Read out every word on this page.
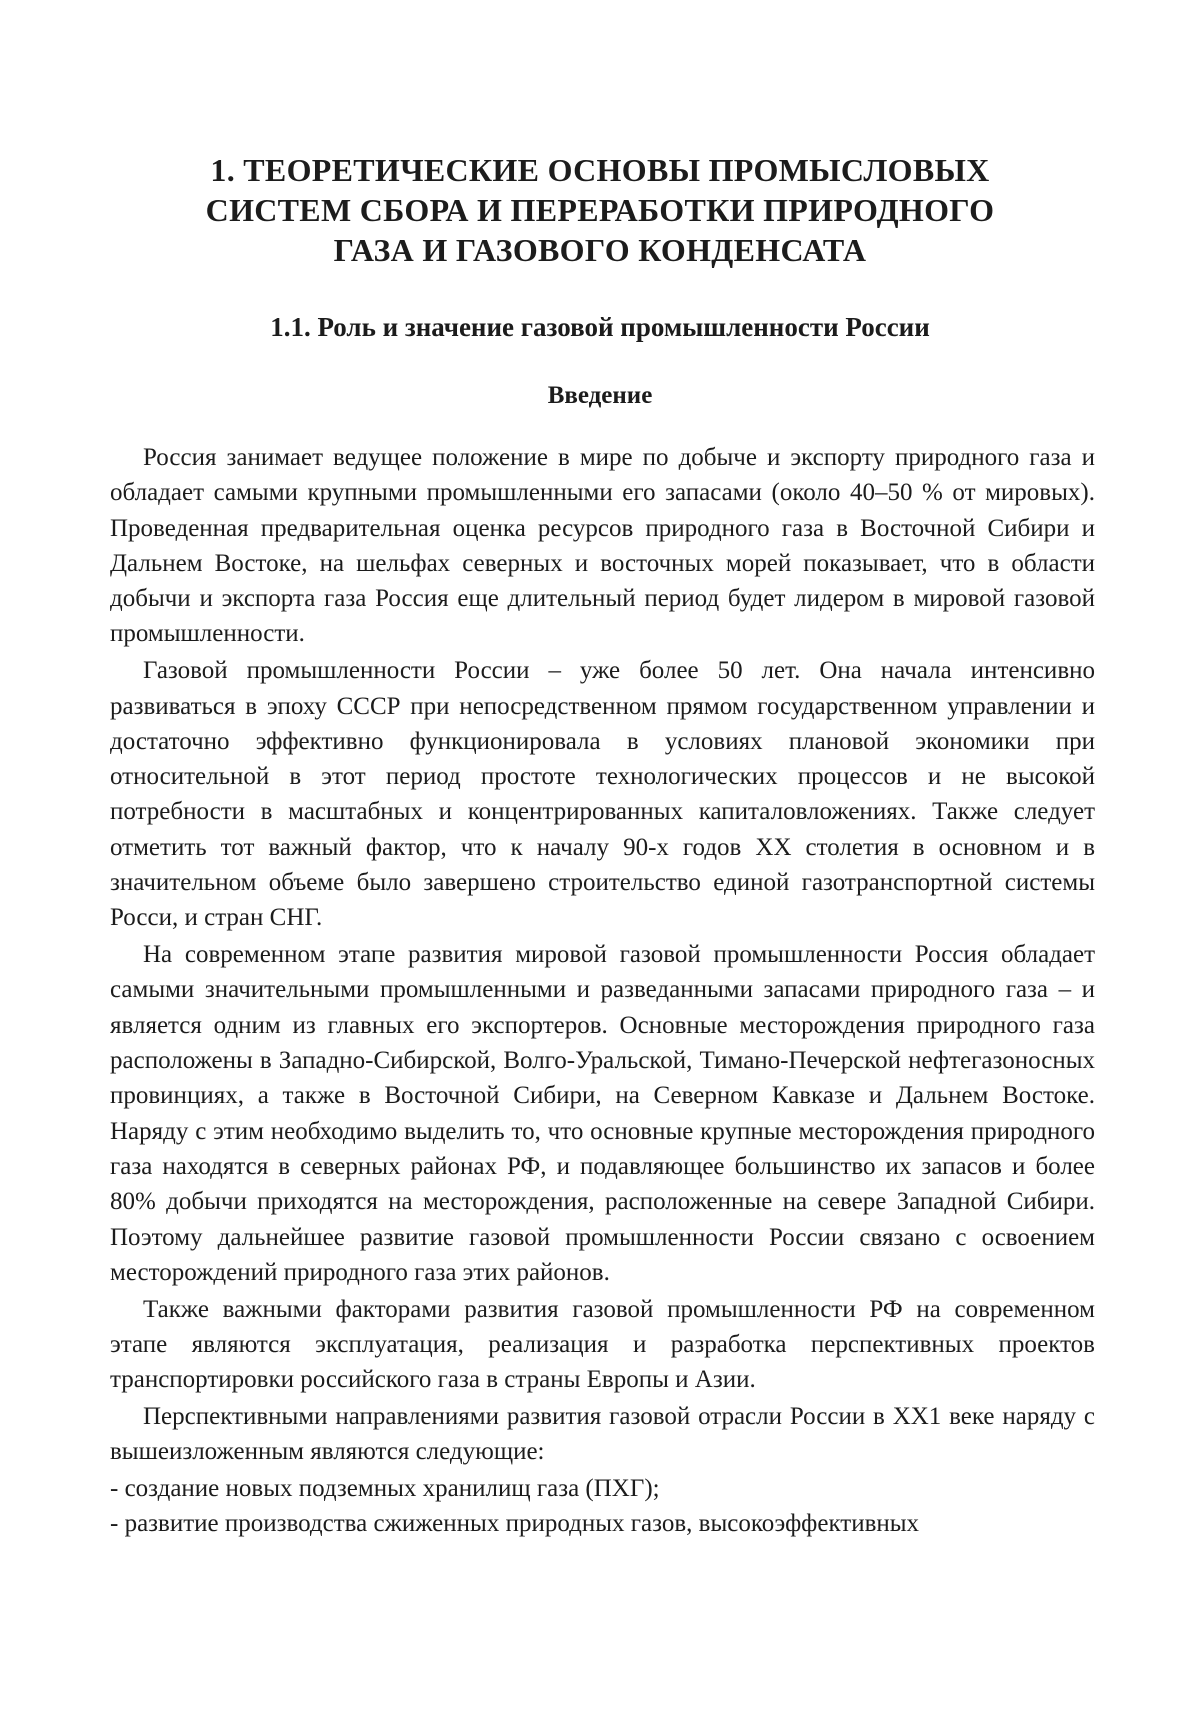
1. ТЕОРЕТИЧЕСКИЕ ОСНОВЫ ПРОМЫСЛОВЫХ
СИСТЕМ СБОРА И ПЕРЕРАБОТКИ ПРИРОДНОГО
ГАЗА И ГАЗОВОГО КОНДЕНСАТА
1.1. Роль и значение газовой промышленности России
Введение

Россия занимает ведущее положение в мире по добыче и экспорту природного газа и обладает самыми крупными промышленными его запасами (около 40–50 % от мировых). Проведенная предварительная оценка ресурсов природного газа в Восточной Сибири и Дальнем Востоке, на шельфах северных и восточных морей показывает, что в области добычи и экспорта газа Россия еще длительный период будет лидером в мировой газовой промышленности.

Газовой промышленности России – уже более 50 лет. Она начала интенсивно развиваться в эпоху СССР при непосредственном прямом государственном управлении и достаточно эффективно функционировала в условиях плановой экономики при относительной в этот период простоте технологических процессов и не высокой потребности в масштабных и концентрированных капиталовложениях. Также следует отметить тот важный фактор, что к началу 90-х годов XX столетия в основном и в значительном объеме было завершено строительство единой газотранспортной системы Росси, и стран СНГ.

На современном этапе развития мировой газовой промышленности Россия обладает самыми значительными промышленными и разведанными запасами природного газа – и является одним из главных его экспортеров. Основные месторождения природного газа расположены в Западно-Сибирской, Волго-Уральской, Тимано-Печерской нефтегазоносных провинциях, а также в Восточной Сибири, на Северном Кавказе и Дальнем Востоке. Наряду с этим необходимо выделить то, что основные крупные месторождения природного газа находятся в северных районах РФ, и подавляющее большинство их запасов и более 80% добычи приходятся на месторождения, расположенные на севере Западной Сибири. Поэтому дальнейшее развитие газовой промышленности России связано с освоением месторождений природного газа этих районов.

Также важными факторами развития газовой промышленности РФ на современном этапе являются эксплуатация, реализация и разработка перспективных проектов транспортировки российского газа в страны Европы и Азии.

Перспективными направлениями развития газовой отрасли России в XX1 веке наряду с вышеизложенным являются следующие:

- создание новых подземных хранилищ газа (ПХГ);

- развитие производства сжиженных природных газов, высокоэффективных
